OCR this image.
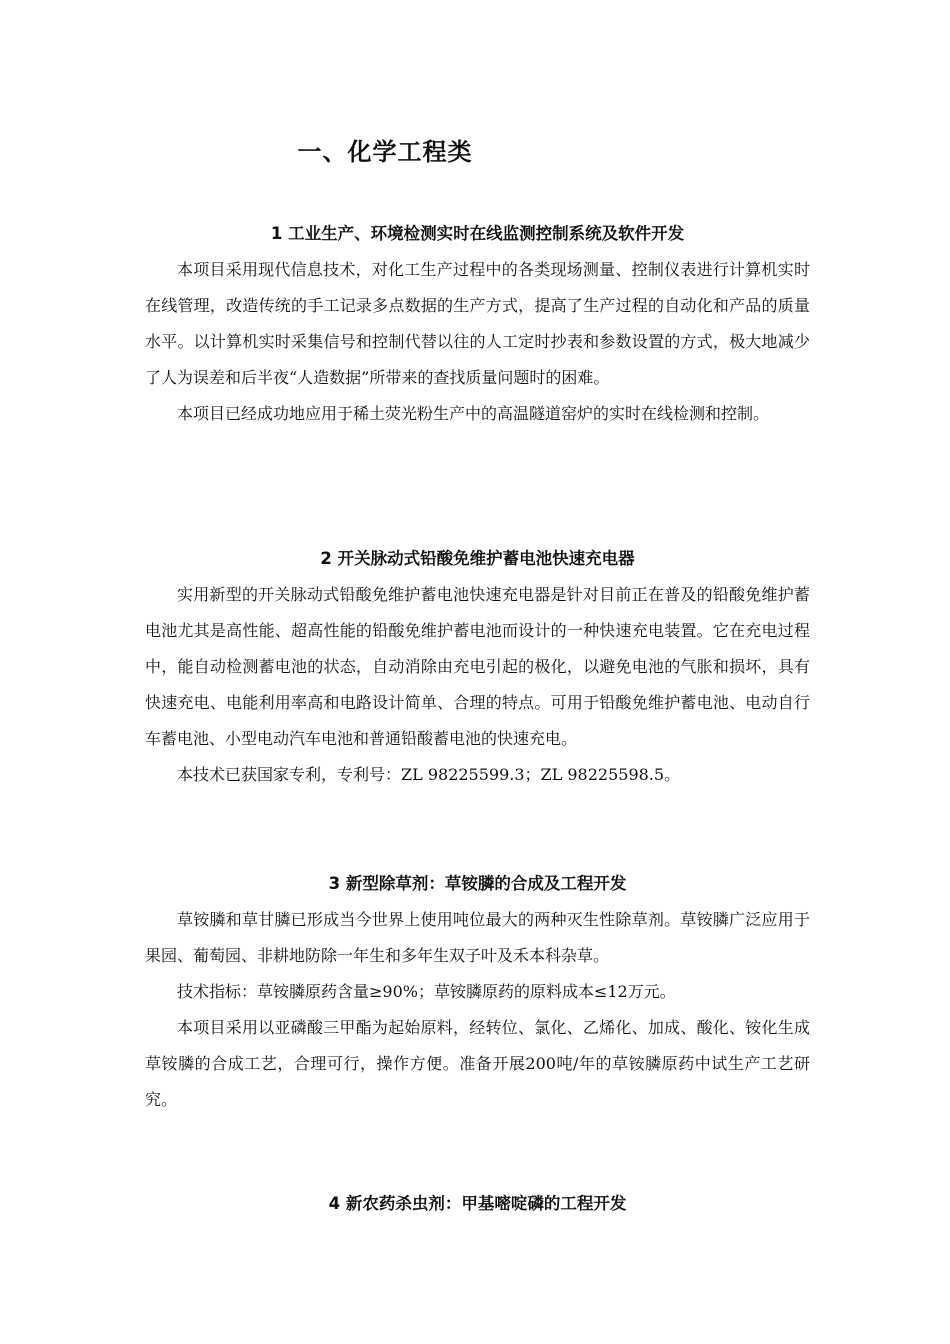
一、化学工程类
1 工业生产、环境检测实时在线监测控制系统及软件开发

本项目采用现代信息技术，对化工生产过程中的各类现场测量、控制仪表进行计算机实时在线管理，改造传统的手工记录多点数据的生产方式，提高了生产过程的自动化和产品的质量水平。以计算机实时采集信号和控制代替以往的人工定时抄表和参数设置的方式，极大地减少了人为误差和后半夜“人造数据”所带来的查找质量问题时的困难。

本项目已经成功地应用于稀土荧光粉生产中的高温隧道窑炉的实时在线检测和控制。

2 开关脉动式铅酸免维护蓄电池快速充电器

实用新型的开关脉动式铅酸免维护蓄电池快速充电器是针对目前正在普及的铅酸免维护蓄电池尤其是高性能、超高性能的铅酸免维护蓄电池而设计的一种快速充电装置。它在充电过程中，能自动检测蓄电池的状态，自动消除由充电引起的极化，以避免电池的气胀和损坏，具有快速充电、电能利用率高和电路设计简单、合理的特点。可用于铅酸免维护蓄电池、电动自行车蓄电池、小型电动汽车电池和普通铅酸蓄电池的快速充电。

本技术已获国家专利，专利号：ZL 98225599.3；ZL 98225598.5。

3 新型除草剂：草铵膦的合成及工程开发

草铵膦和草甘膦已形成当今世界上使用吨位最大的两种灭生性除草剂。草铵膦广泛应用于果园、葡萄园、非耕地防除一年生和多年生双子叶及禾本科杂草。

技术指标：草铵膦原药含量≥90%；草铵膦原药的原料成本≤12万元。

本项目采用以亚磷酸三甲酯为起始原料，经转位、氯化、乙烯化、加成、酸化、铵化生成草铵膦的合成工艺，合理可行，操作方便。准备开展200吨/年的草铵膦原药中试生产工艺研究。

4 新农药杀虫剂：甲基嘧啶磷的工程开发
